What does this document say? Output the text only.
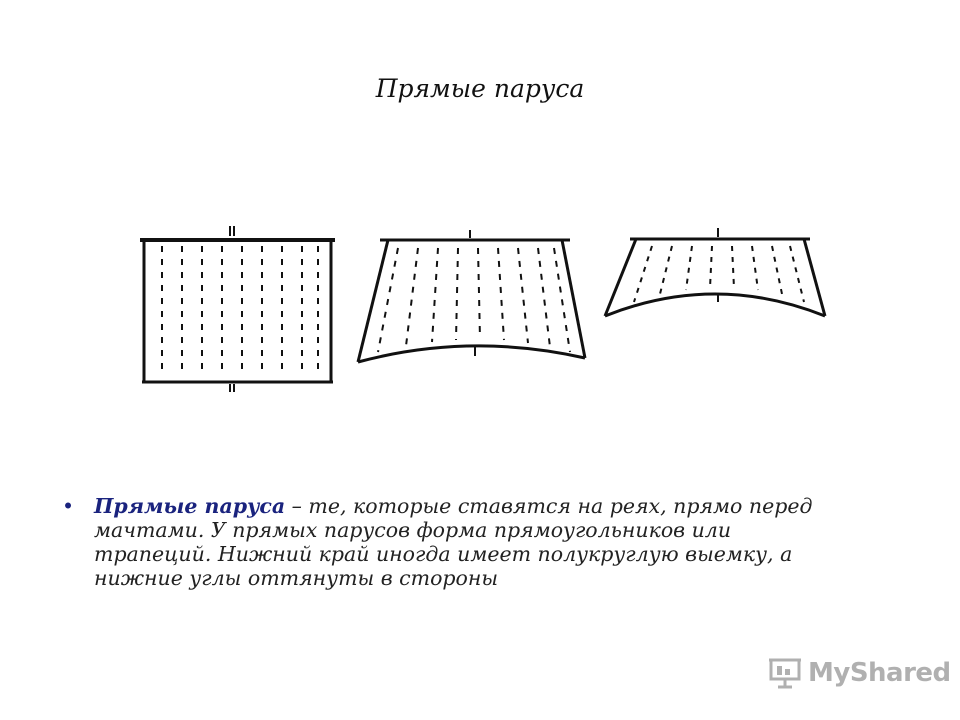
Прямые паруса
• Прямые паруса – те, которые ставятся на реях, прямо перед мачтами. У прямых парусов форма прямоугольников или трапеций. Нижний край иногда имеет полукруглую выемку, а нижние углы оттянуты в стороны
MyShared
